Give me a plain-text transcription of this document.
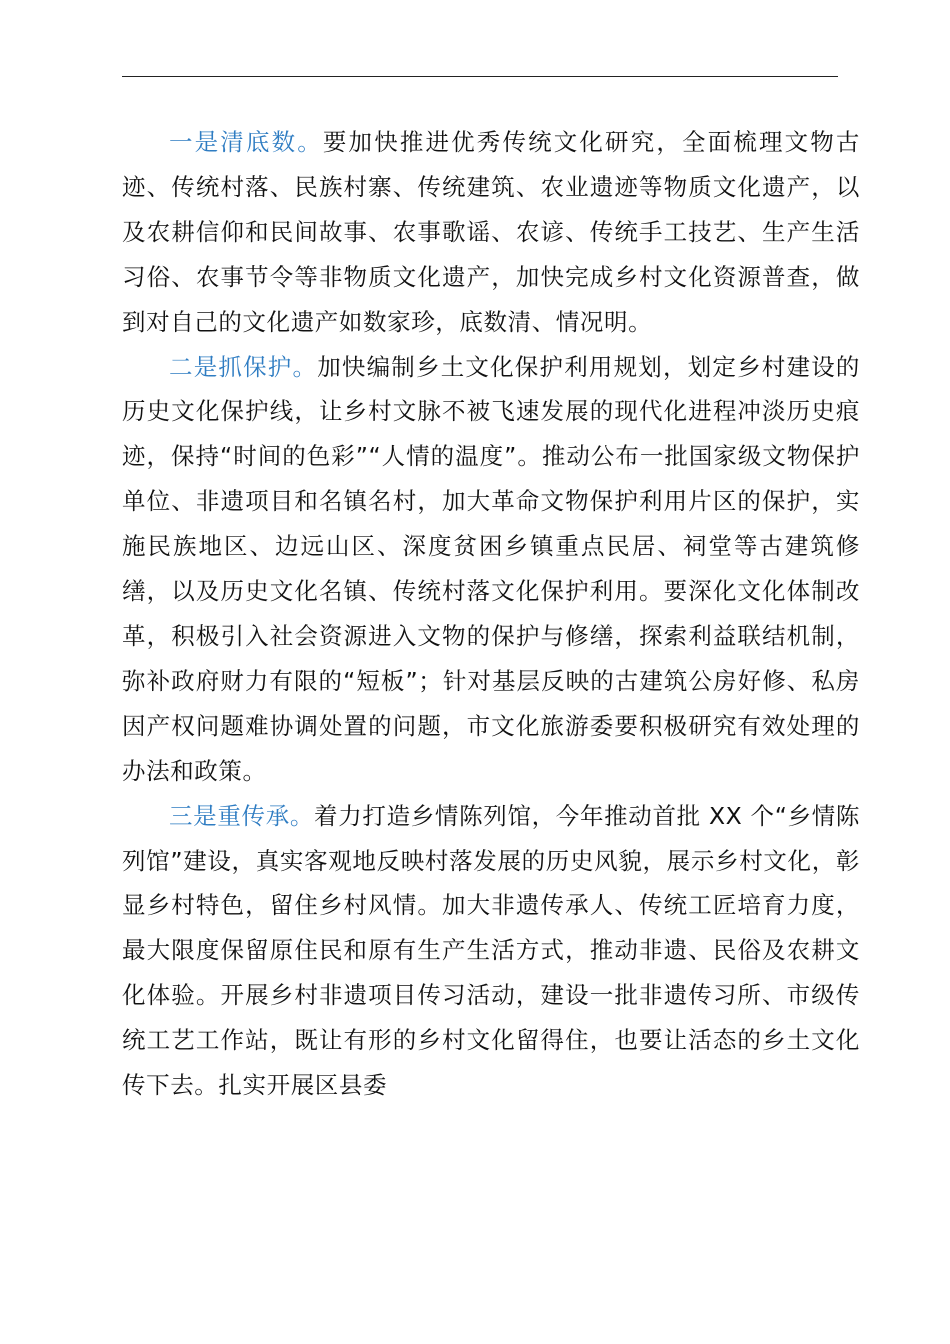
一是清底数。要加快推进优秀传统文化研究，全面梳理文物古迹、传统村落、民族村寨、传统建筑、农业遗迹等物质文化遗产，以及农耕信仰和民间故事、农事歌谣、农谚、传统手工技艺、生产生活习俗、农事节令等非物质文化遗产，加快完成乡村文化资源普查，做到对自己的文化遗产如数家珍，底数清、情况明。

二是抓保护。加快编制乡土文化保护利用规划，划定乡村建设的历史文化保护线，让乡村文脉不被飞速发展的现代化进程冲淡历史痕迹，保持“时间的色彩”“人情的温度”。推动公布一批国家级文物保护单位、非遗项目和名镇名村，加大革命文物保护利用片区的保护，实施民族地区、边远山区、深度贫困乡镇重点民居、祠堂等古建筑修缮，以及历史文化名镇、传统村落文化保护利用。要深化文化体制改革，积极引入社会资源进入文物的保护与修缮，探索利益联结机制，弥补政府财力有限的“短板”；针对基层反映的古建筑公房好修、私房因产权问题难协调处置的问题，市文化旅游委要积极研究有效处理的办法和政策。

三是重传承。着力打造乡情陈列馆，今年推动首批 XX 个“乡情陈列馆”建设，真实客观地反映村落发展的历史风貌，展示乡村文化，彰显乡村特色，留住乡村风情。加大非遗传承人、传统工匠培育力度，最大限度保留原住民和原有生产生活方式，推动非遗、民俗及农耕文化体验。开展乡村非遗项目传习活动，建设一批非遗传习所、市级传统工艺工作站，既让有形的乡村文化留得住，也要让活态的乡土文化传下去。扎实开展区县委
